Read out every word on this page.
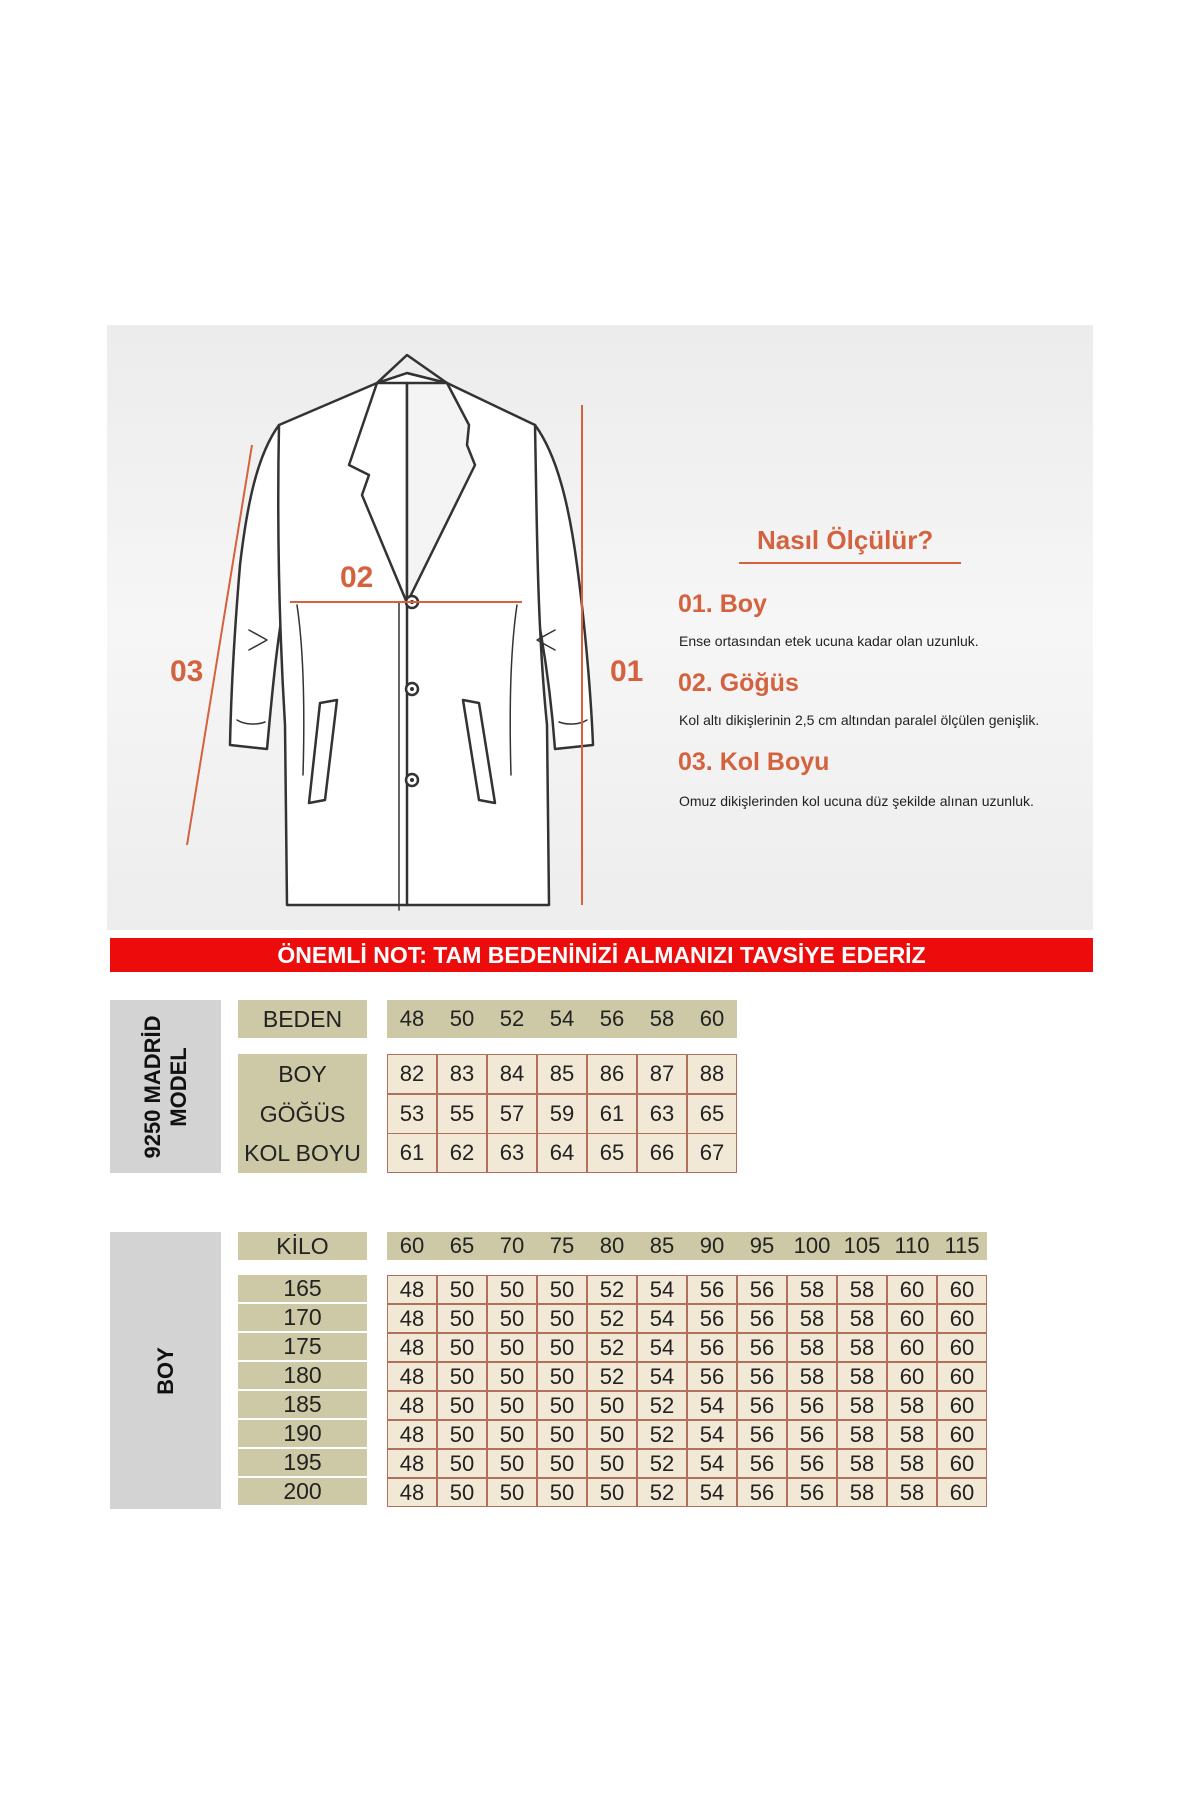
02
01
03
Nasıl Ölçülür?
01. Boy
Ense ortasından etek ucuna kadar olan uzunluk.
02. Göğüs
Kol altı dikişlerinin 2,5 cm altından paralel ölçülen genişlik.
03. Kol Boyu
Omuz dikişlerinden kol ucuna düz şekilde alınan uzunluk.
ÖNEMLİ NOT: TAM BEDENİNİZİ ALMANIZI TAVSİYE EDERİZ
9250 MADRİD MODEL
BEDEN	48	50	52	54	56	58	60
BOY	82	83	84	85	86	87	88
GÖĞÜS	53	55	57	59	61	63	65
KOL BOYU	61	62	63	64	65	66	67
BOY
KİLO	60	65	70	75	80	85	90	95 100 105 110 115
165	48	50	50	50	52	54	56	56	58	58	60	60
170	48	50	50	50	52	54	56	56	58	58	60	60
175	48	50	50	50	52	54	56	56	58	58	60	60
180	48	50	50	50	52	54	56	56	58	58	60	60
185	48	50	50	50	50	52	54	56	56	58	58	60
190	48	50	50	50	50	52	54	56	56	58	58	60
195	48	50	50	50	50	52	54	56	56	58	58	60
200	48	50	50	50	50	52	54	56	56	58	58	60
